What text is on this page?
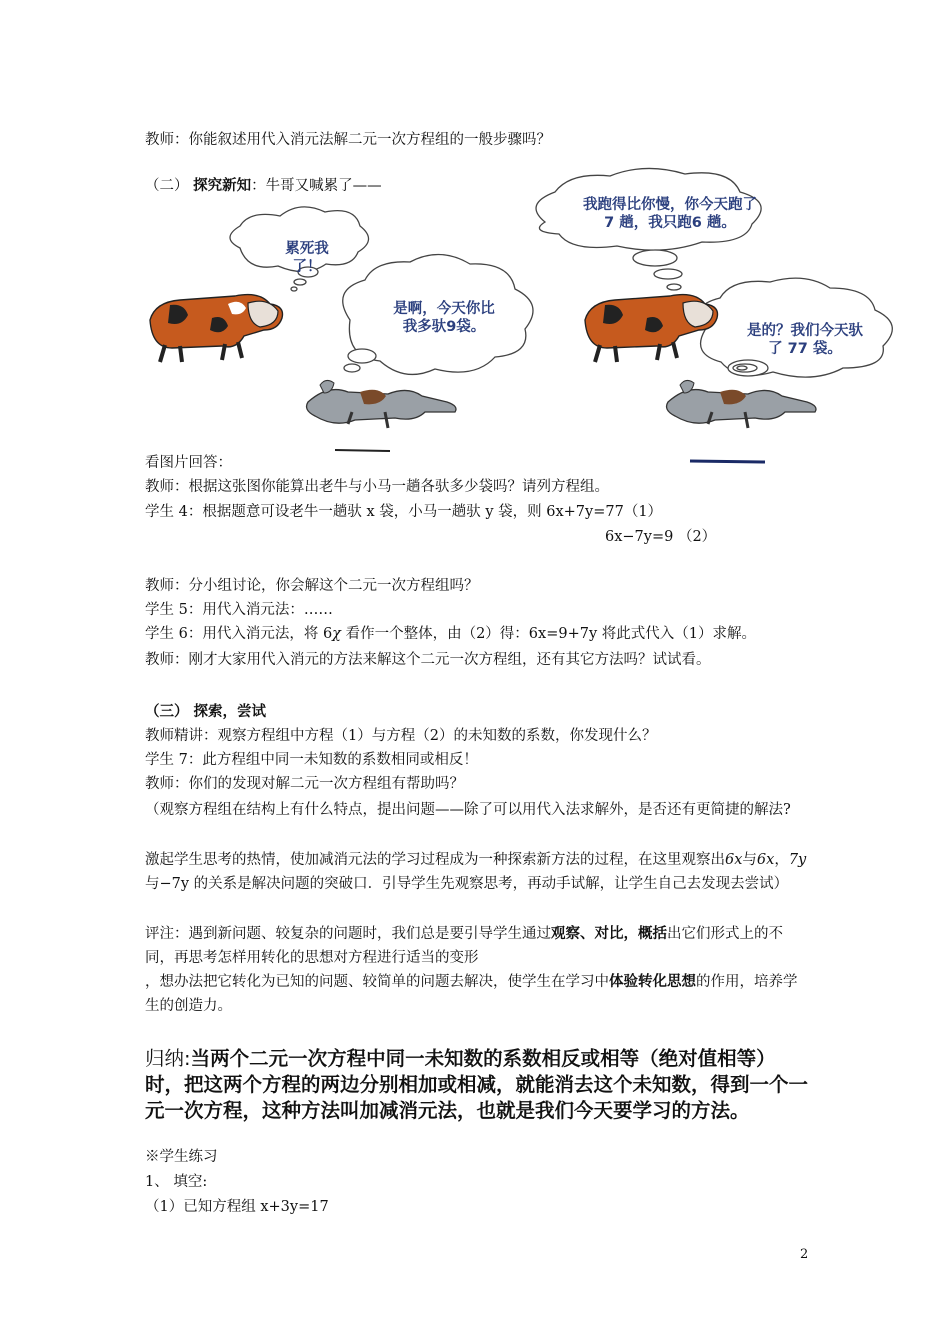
累死我了！
是啊，今天你比我多驮9袋。
我跑得比你慢，你今天跑了 7 趟，我只跑6 趟。
是的？我们今天驮了 77 袋。
教师：你能叙述用代入消元法解二元一次方程组的一般步骤吗？
（二） 探究新知：牛哥又喊累了——
看图片回答：
教师：根据这张图你能算出老牛与小马一趟各驮多少袋吗？请列方程组。
学生 4：根据题意可设老牛一趟驮 x 袋，小马一趟驮 y 袋，则 6x+7y=77（1）
6x−7y=9 （2）
教师：分小组讨论，你会解这个二元一次方程组吗？
学生 5：用代入消元法：……
学生 6：用代入消元法，将 6χ 看作一个整体，由（2）得：6x=9+7y 将此式代入（1）求解。
教师：刚才大家用代入消元的方法来解这个二元一次方程组，还有其它方法吗？试试看。
（三） 探索，尝试
教师精讲：观察方程组中方程（1）与方程（2）的未知数的系数，你发现什么？
学生 7：此方程组中同一未知数的系数相同或相反！
教师：你们的发现对解二元一次方程组有帮助吗？
（观察方程组在结构上有什么特点，提出问题——除了可以用代入法求解外，是否还有更简捷的解法?
激起学生思考的热情，使加减消元法的学习过程成为一种探索新方法的过程，在这里观察出6x与6x，7y与−7y 的关系是解决问题的突破口．引导学生先观察思考，再动手试解，让学生自己去发现去尝试）
评注：遇到新问题、较复杂的问题时，我们总是要引导学生通过观察、对比，概括出它们形式上的不同，再思考怎样用转化的思想对方程进行适当的变形
，想办法把它转化为已知的问题、较简单的问题去解决，使学生在学习中体验转化思想的作用，培养学生的创造力。
归纳:当两个二元一次方程中同一未知数的系数相反或相等（绝对值相等）时，把这两个方程的两边分别相加或相减，就能消去这个未知数，得到一个一元一次方程，这种方法叫加减消元法，也就是我们今天要学习的方法。
※学生练习
1、 填空:
（1）已知方程组 x+3y=17
2
